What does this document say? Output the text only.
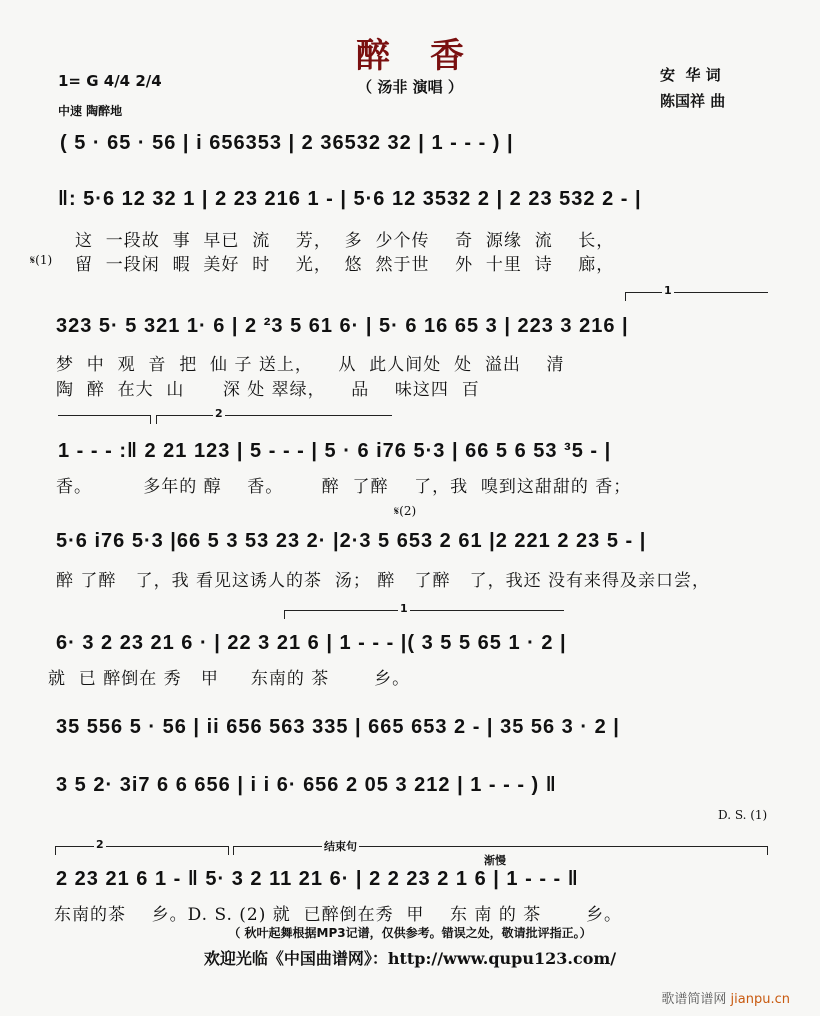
醉香
（ 汤非 演唱 ）
1= G 4/4 2/4
中速 陶醉地
安  华 词
陈国祥 曲
( 5 · 65 · 56 | i 656353 | 2 36532 32 | 1 - - - ) |
‖: 5·6 12 32 1 | 2 23 216 1 - | 5·6 12 3532 2 | 2 23 532 2 - |
这  一段故  事  早已  流    芳，  多  少个传    奇  源缘  流    长，
𝄋(1) 留  一段闲  暇  美好  时    光，  悠  然于世    外  十里  诗    廊，
1
323 5· 5 321 1· 6 | 2 ²3 5 61 6· | 5· 6 16 65 3 | 223 3 216 |
梦  中  观  音  把  仙 子 送上，    从  此人间处  处  溢出    清
陶  醉  在大  山      深 处 翠绿，    品    味这四  百
2
1 - - - :‖ 2 21 123 | 5 - - - | 5 · 6 i76 5·3 | 66 5 6 53 ³5 - |
香。        多年的 醇    香。      醉  了醉    了，我  嗅到这甜甜的 香；
𝄋(2)
5·6 i76 5·3 |66 5 3 53 23 2· |2·3 5 653 2 61 |2 221 2 23 5 - |
醉 了醉   了，我 看见这诱人的茶  汤； 醉   了醉   了，我还 没有来得及亲口尝，
1
6· 3 2 23 21 6 · | 22 3 21 6 | 1 - - - |( 3 5 5 65 1 · 2 |
就  已 醉倒在 秀   甲     东南的 茶       乡。
35 556 5 · 56 | ii 656 563 335 | 665 653 2 - | 35 56 3 · 2 |
3 5 2· 3i7 6 6 656 | i i 6· 656 2 05 3 212 | 1 - - - ) ‖
D. S. (1)
2	结束句
渐慢
2 23 21 6 1 - ‖ 5· 3 2 11 21 6· | 2 2 23 2 1 6 | 1 - - - ‖
东南的茶    乡。D. S. (2) 就  已醉倒在秀  甲    东 南 的 茶       乡。
（ 秋叶起舞根据MP3记谱，仅供参考。错误之处，敬请批评指正。）
欢迎光临《中国曲谱网》：http://www.qupu123.com/
歌谱简谱网 jianpu.cn
